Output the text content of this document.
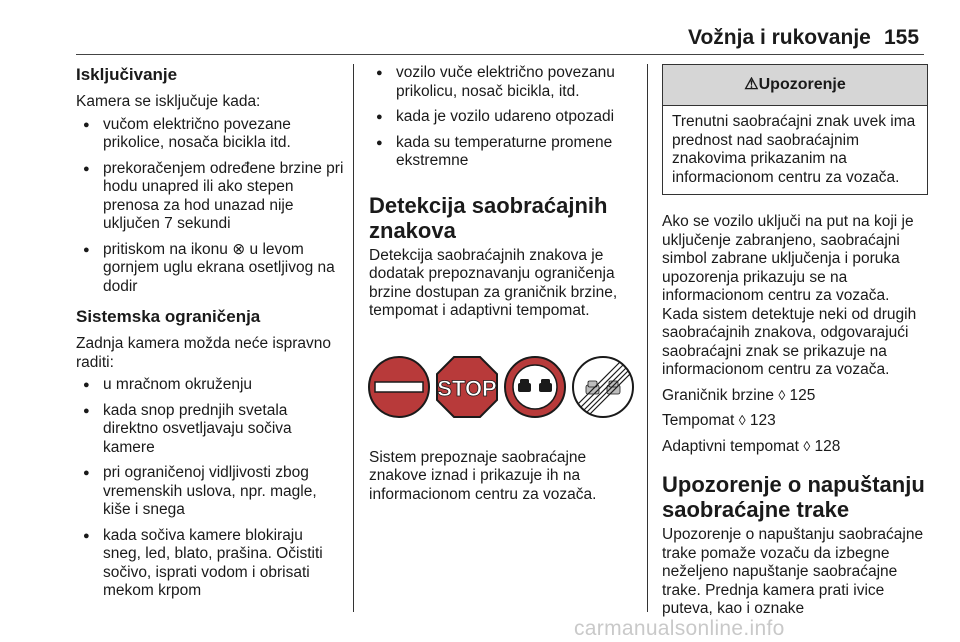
Vožnja i rukovanje 155
Isključivanje

Kamera se isključuje kada:

● vučom električno povezane prikolice, nosača bicikla itd.
● prekoračenjem određene brzine pri hodu unapred ili ako stepen prenosa za hod unazad nije uključen 7 sekundi
● pritiskom na ikonu ⊗ u levom gornjem uglu ekrana osetljivog na dodir
Sistemska ograničenja

Zadnja kamera možda neće ispravno raditi:

● u mračnom okruženju
● kada snop prednjih svetala direktno osvetljavaju sočiva kamere
● pri ograničenoj vidljivosti zbog vremenskih uslova, npr. magle, kiše i snega
● kada sočiva kamere blokiraju sneg, led, blato, prašina. Očistiti sočivo, isprati vodom i obrisati mekom krpom
● vozilo vuče električno povezanu prikolicu, nosač bicikla, itd.
● kada je vozilo udareno otpozadi
● kada su temperaturne promene ekstremne
Detekcija saobraćajnih znakova

Detekcija saobraćajnih znakova je dodatak prepoznavanju ograničenja brzine dostupan za graničnik brzine, tempomat i adaptivni tempomat.

STOP

Sistem prepoznaje saobraćajne znakove iznad i prikazuje ih na informacionom centru za vozača.

⚠Upozorenje
Trenutni saobraćajni znak uvek ima prednost nad saobraćajnim znakovima prikazanim na informacionom centru za vozača.

Ako se vozilo uključi na put na koji je uključenje zabranjeno, saobraćajni simbol zabrane uključenja i poruka upozorenja prikazuju se na informacionom centru za vozača. Kada sistem detektuje neki od drugih saobraćajnih znakova, odgovarajući saobraćajni znak se prikazuje na informacionom centru za vozača.

Graničnik brzine ◊ 125

Tempomat ◊ 123

Adaptivni tempomat ◊ 128

Upozorenje o napuštanju saobraćajne trake

Upozorenje o napuštanju saobraćajne trake pomaže vozaču da izbegne neželjeno napuštanje saobraćajne trake. Prednja kamera prati ivice puteva, kao i oznake

carmanualsonline.info
